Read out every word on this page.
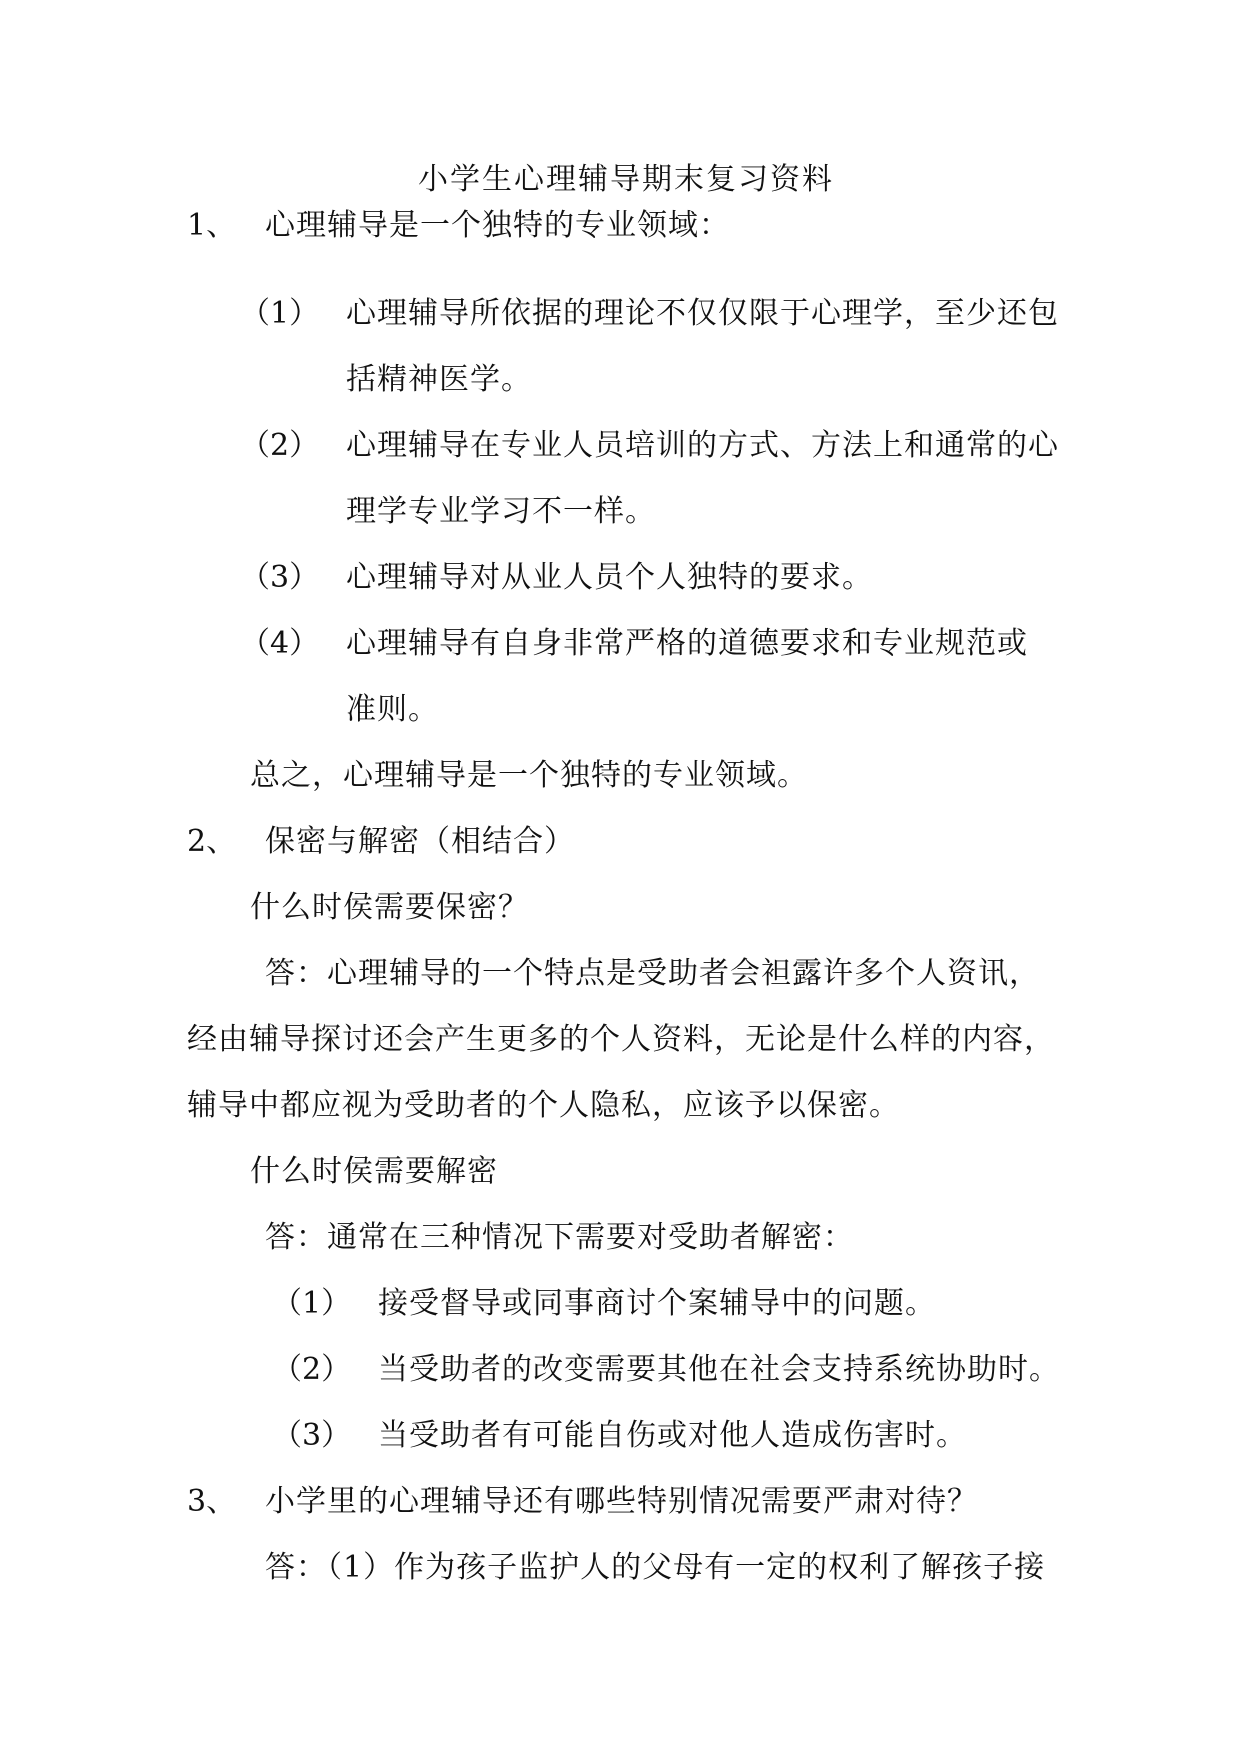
小学生心理辅导期末复习资料
1、 心理辅导是一个独特的专业领域：
（1） 心理辅导所依据的理论不仅仅限于心理学，至少还包
括精神医学。
（2） 心理辅导在专业人员培训的方式、方法上和通常的心
理学专业学习不一样。
（3） 心理辅导对从业人员个人独特的要求。
（4） 心理辅导有自身非常严格的道德要求和专业规范或
准则。
总之，心理辅导是一个独特的专业领域。
2、 保密与解密（相结合）
什么时侯需要保密？
答：心理辅导的一个特点是受助者会袒露许多个人资讯，
经由辅导探讨还会产生更多的个人资料，无论是什么样的内容，
辅导中都应视为受助者的个人隐私，应该予以保密。
什么时侯需要解密
答：通常在三种情况下需要对受助者解密：
（1） 接受督导或同事商讨个案辅导中的问题。
（2） 当受助者的改变需要其他在社会支持系统协助时。
（3） 当受助者有可能自伤或对他人造成伤害时。
3、 小学里的心理辅导还有哪些特别情况需要严肃对待？
答：（1）作为孩子监护人的父母有一定的权利了解孩子接
